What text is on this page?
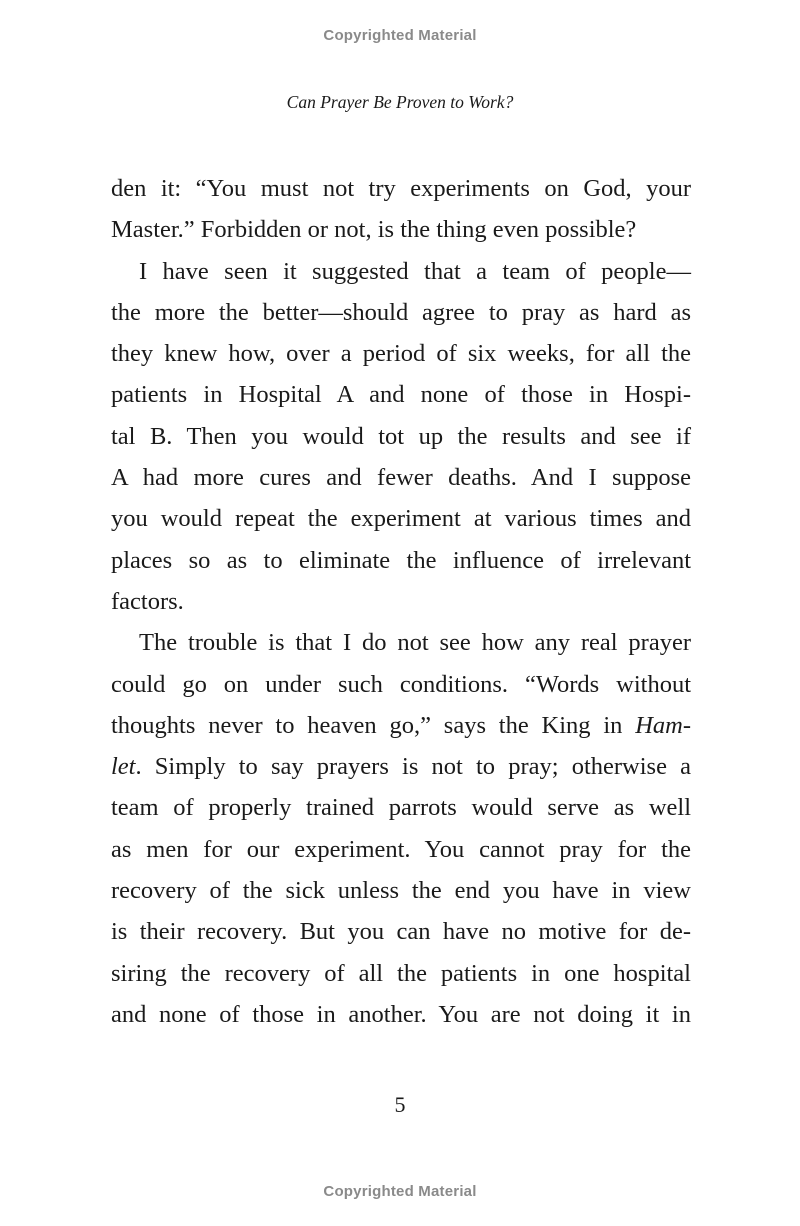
Copyrighted Material
Can Prayer Be Proven to Work?
den it: “You must not try experiments on God, your
Master.” Forbidden or not, is the thing even possible?
I have seen it suggested that a team of people—
the more the better—should agree to pray as hard as
they knew how, over a period of six weeks, for all the
patients in Hospital A and none of those in Hospi-
tal B. Then you would tot up the results and see if
A had more cures and fewer deaths. And I suppose
you would repeat the experiment at various times and
places so as to eliminate the influence of irrelevant
factors.
The trouble is that I do not see how any real prayer
could go on under such conditions. “Words without
thoughts never to heaven go,” says the King in Ham-
let. Simply to say prayers is not to pray; otherwise a
team of properly trained parrots would serve as well
as men for our experiment. You cannot pray for the
recovery of the sick unless the end you have in view
is their recovery. But you can have no motive for de-
siring the recovery of all the patients in one hospital
and none of those in another. You are not doing it in
5
Copyrighted Material
